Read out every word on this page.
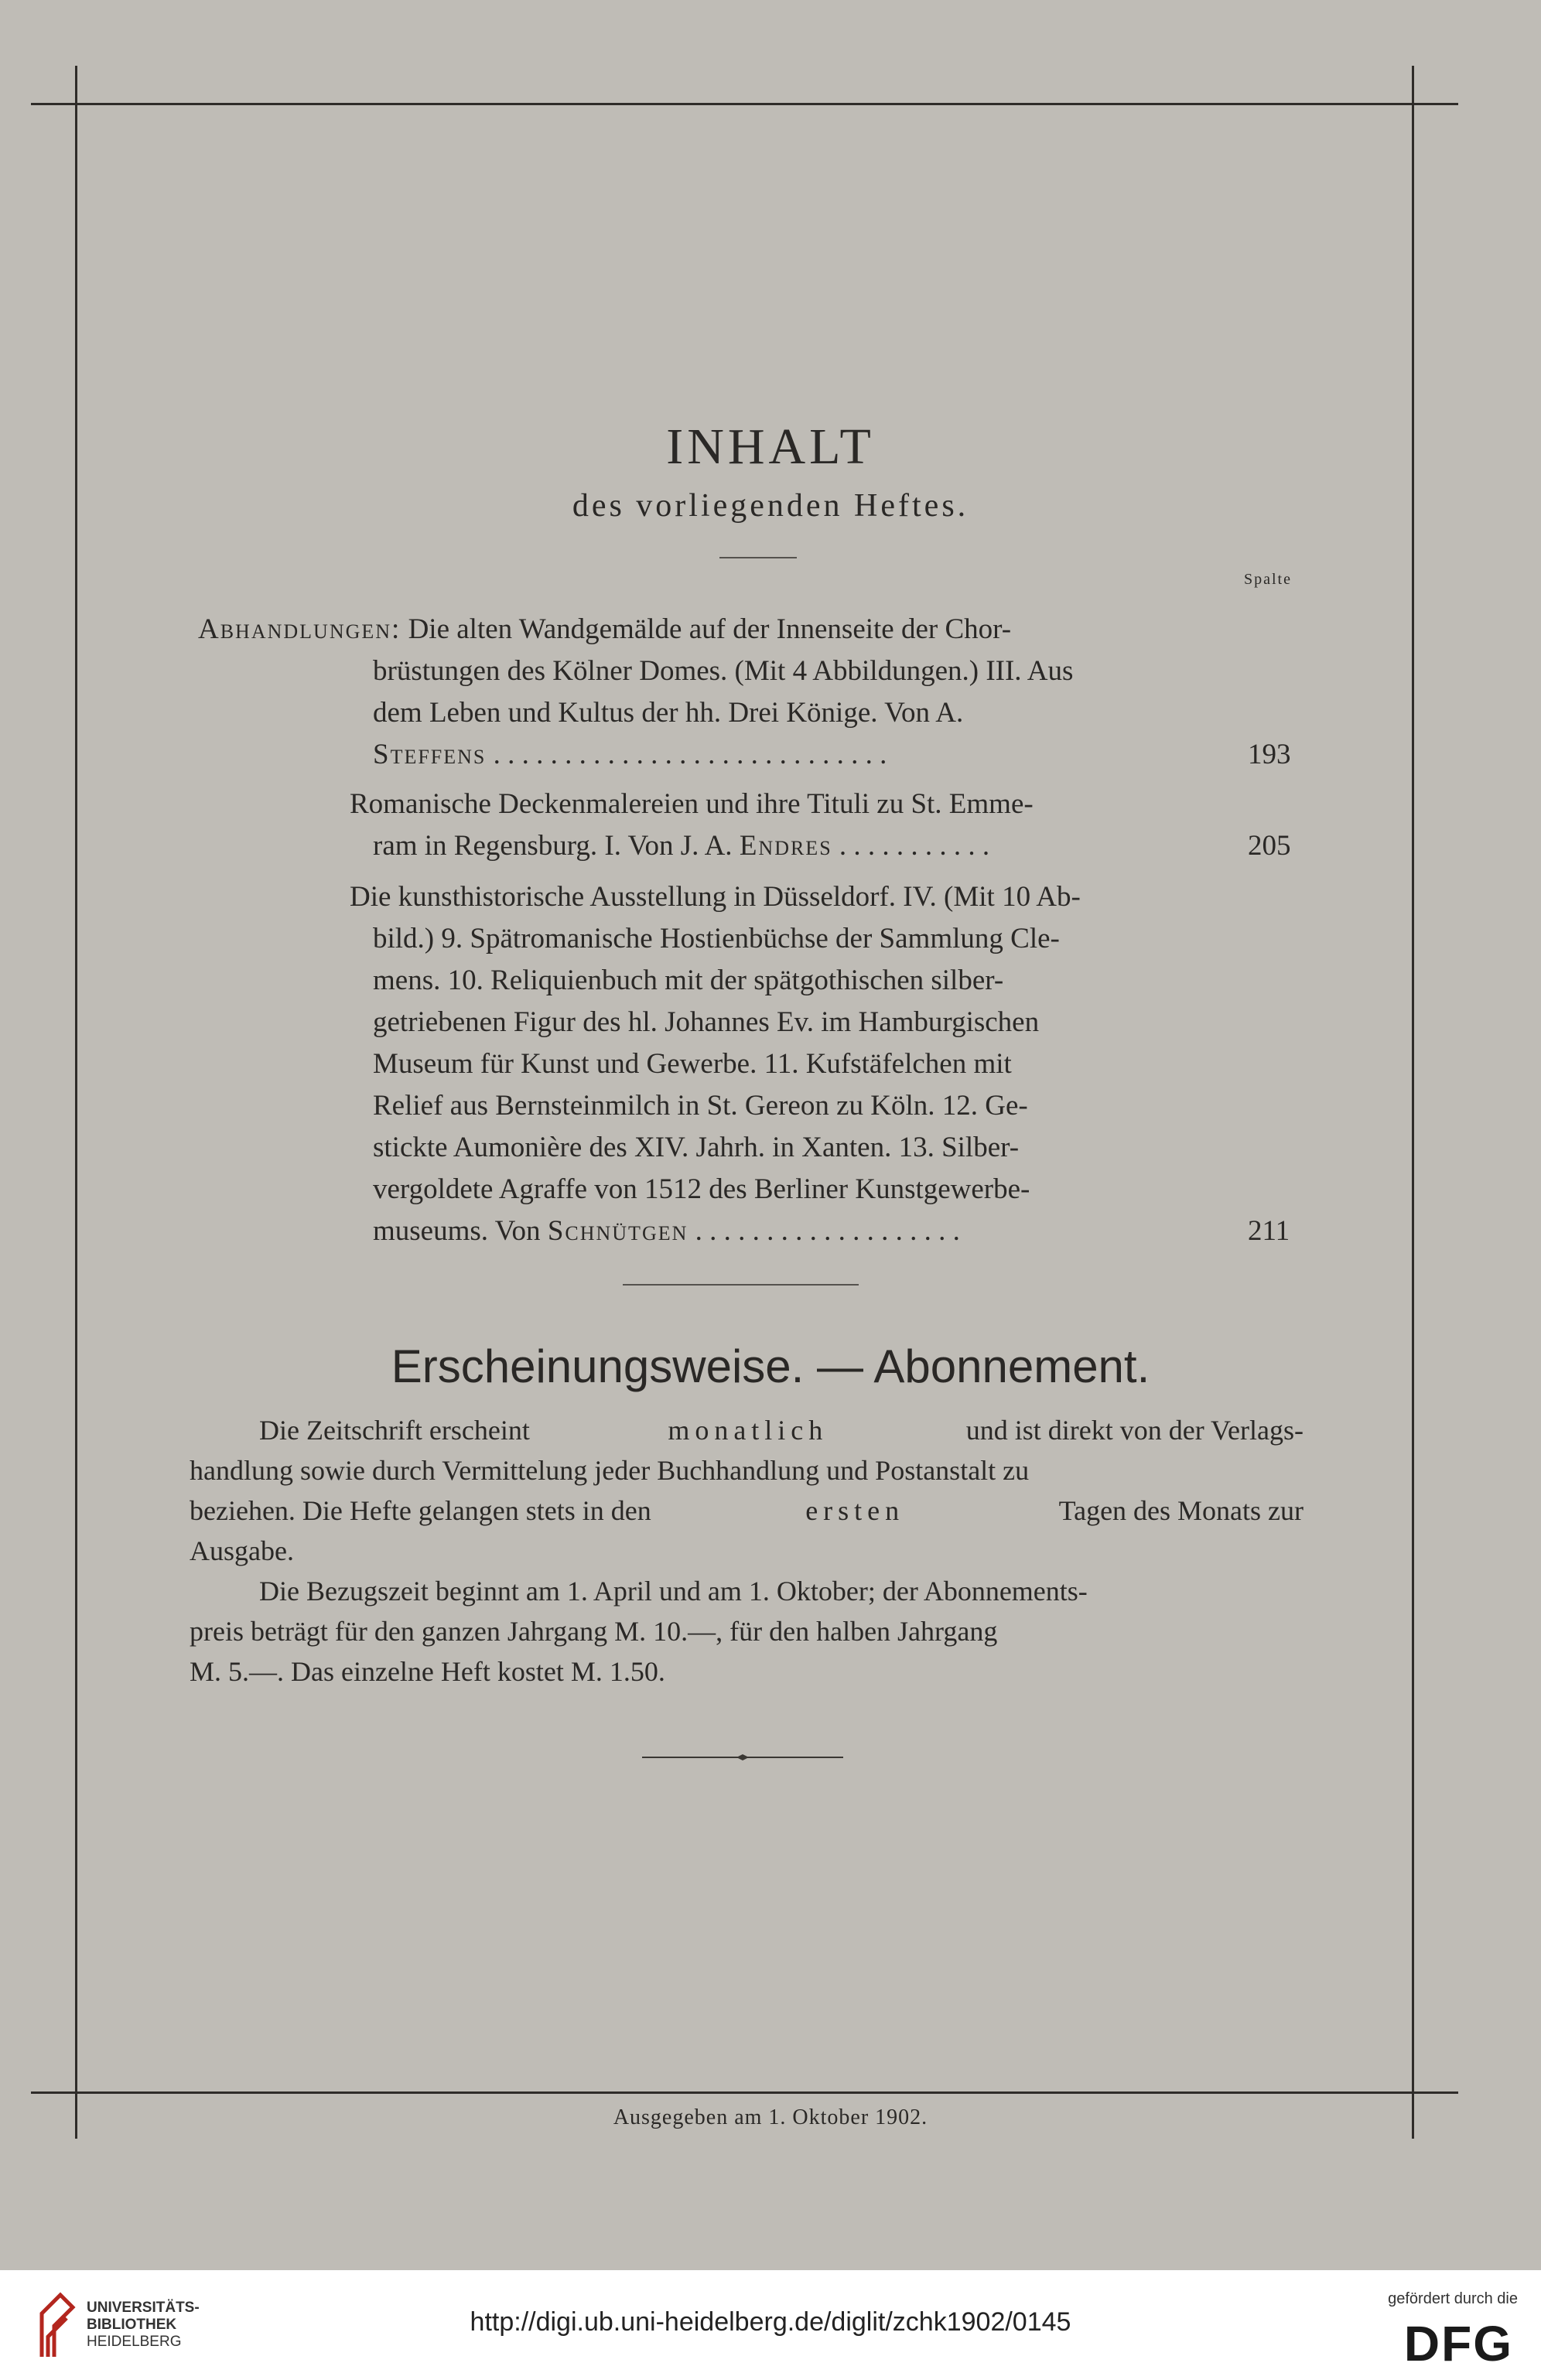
INHALT
des vorliegenden Heftes.
Spalte
Abhandlungen: Die alten Wandgemälde auf der Innenseite der Chor-
brüstungen des Kölner Domes. (Mit 4 Abbildungen.) III. Aus
dem Leben und Kultus der hh. Drei Könige. Von A.
Steffens . . . . . . . . . . . . . . . . . . . . . . . . . . . .	193
Romanische Deckenmalereien und ihre Tituli zu St. Emme-
ram in Regensburg. I. Von J. A. Endres . . . . . . . . . . .	205
Die kunsthistorische Ausstellung in Düsseldorf. IV. (Mit 10 Ab-
bild.) 9. Spätromanische Hostienbüchse der Sammlung Cle-
mens. 10. Reliquienbuch mit der spätgothischen silber-
getriebenen Figur des hl. Johannes Ev. im Hamburgischen
Museum für Kunst und Gewerbe. 11. Kufstäfelchen mit
Relief aus Bernsteinmilch in St. Gereon zu Köln. 12. Ge-
stickte Aumonière des XIV. Jahrh. in Xanten. 13. Silber-
vergoldete Agraffe von 1512 des Berliner Kunstgewerbe-
museums. Von Schnütgen . . . . . . . . . . . . . . . . . . .	211
Erscheinungsweise. — Abonnement.
Die Zeitschrift erscheint	monatlich	und ist direkt von der Verlags-
handlung sowie durch Vermittelung jeder Buchhandlung und Postanstalt zu
beziehen. Die Hefte gelangen stets in den	ersten	Tagen des Monats zur
Ausgabe.
Die Bezugszeit beginnt am 1. April und am 1. Oktober; der Abonnements-
preis beträgt für den ganzen Jahrgang M. 10.—, für den halben Jahrgang
M. 5.—. Das einzelne Heft kostet M. 1.50.
Ausgegeben am 1. Oktober 1902.
UNIVERSITÄTS-
BIBLIOTHEK
HEIDELBERG
http://digi.ub.uni-heidelberg.de/diglit/zchk1902/0145
gefördert durch die
DFG
